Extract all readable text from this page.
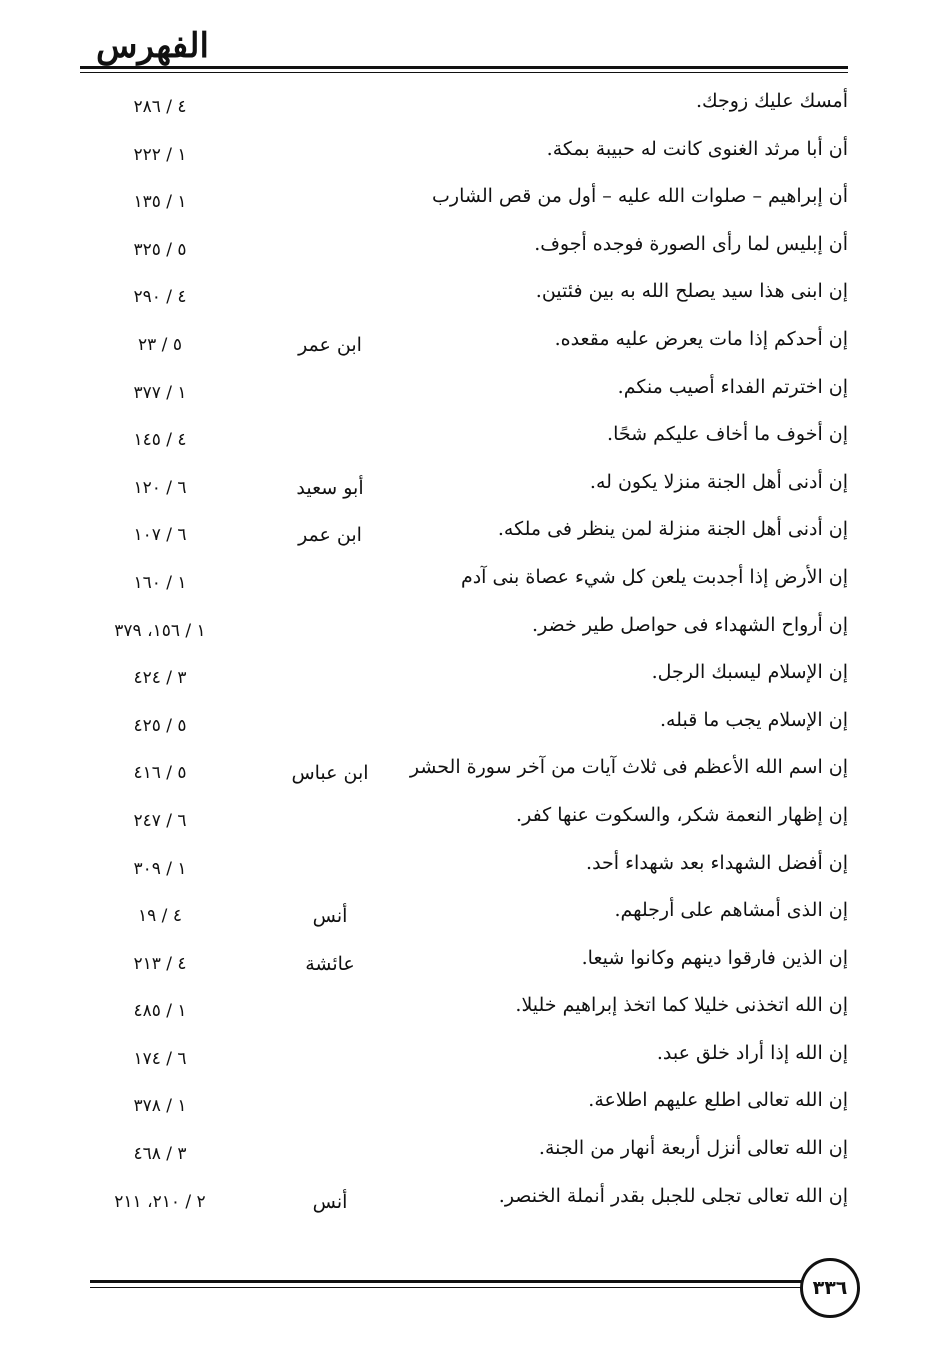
الفهرس
أمسك عليك زوجك.
٤ / ٢٨٦
أن أبا مرثد الغنوى كانت له حبيبة بمكة.
١ / ٢٢٢
أن إبراهيم – صلوات الله عليه – أول من قص الشارب
١ / ١٣٥
أن إبليس لما رأى الصورة فوجده أجوف.
٥ / ٣٢٥
إن ابنى هذا سيد يصلح الله به بين فئتين.
٤ / ٢٩٠
إن أحدكم إذا مات يعرض عليه مقعده.
ابن عمر
٥ / ٢٣
إن اخترتم الفداء أصيب منكم.
١ / ٣٧٧
إن أخوف ما أخاف عليكم شحًا.
٤ / ١٤٥
إن أدنى أهل الجنة منزلا يكون له.
أبو سعيد
٦ / ١٢٠
إن أدنى أهل الجنة منزلة لمن ينظر فى ملكه.
ابن عمر
٦ / ١٠٧
إن الأرض إذا أجدبت يلعن كل شيء عصاة بنى آدم
١ / ١٦٠
إن أرواح الشهداء فى حواصل طير خضر.
١ / ١٥٦، ٣٧٩
إن الإسلام ليسبك الرجل.
٣ / ٤٢٤
إن الإسلام يجب ما قبله.
٥ / ٤٢٥
إن اسم الله الأعظم فى ثلاث آيات من آخر سورة الحشر
ابن عباس
٥ / ٤١٦
إن إظهار النعمة شكر، والسكوت عنها كفر.
٦ / ٢٤٧
إن أفضل الشهداء بعد شهداء أحد.
١ / ٣٠٩
إن الذى أمشاهم على أرجلهم.
أنس
٤ / ١٩
إن الذين فارقوا دينهم وكانوا شيعا.
عائشة
٤ / ٢١٣
إن الله اتخذنى خليلا كما اتخذ إبراهيم خليلا.
١ / ٤٨٥
إن الله إذا أراد خلق عبد.
٦ / ١٧٤
إن الله تعالى اطلع عليهم اطلاعة.
١ / ٣٧٨
إن الله تعالى أنزل أربعة أنهار من الجنة.
٣ / ٤٦٨
إن الله تعالى تجلى للجبل بقدر أنملة الخنصر.
أنس
٢ / ٢١٠، ٢١١
٣٣٦
